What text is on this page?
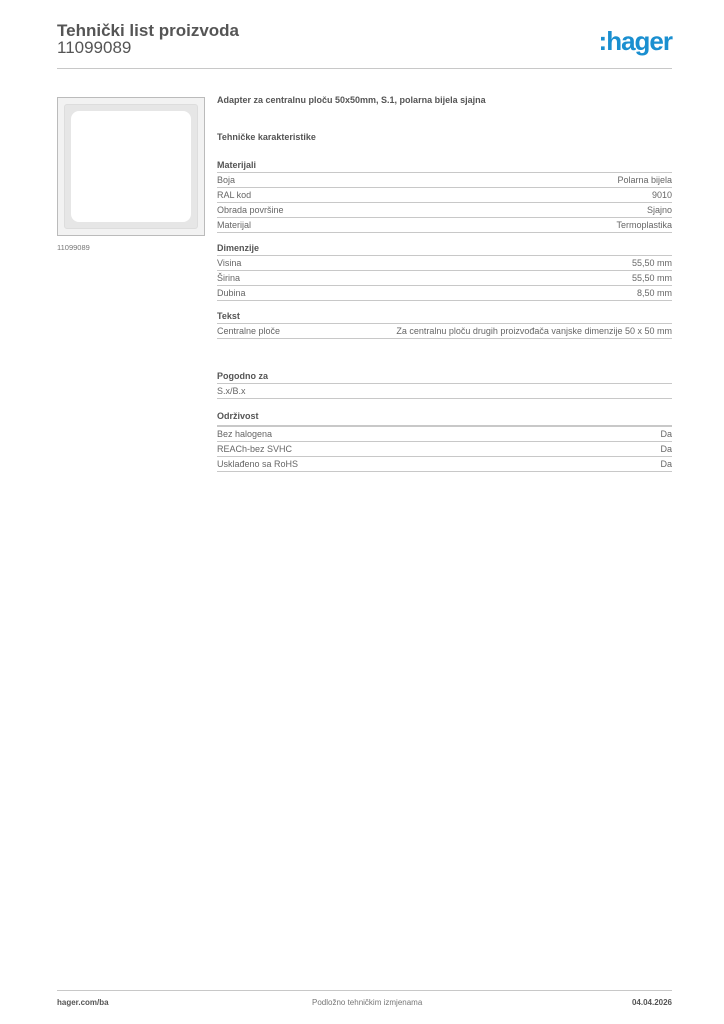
Tehnički list proizvoda
11099089	:hager
11099089
Adapter za centralnu ploču 50x50mm, S.1, polarna bijela sjajna
Tehničke karakteristike
Materijali
Boja	Polarna bijela
RAL kod	9010
Obrada površine	Sjajno
Materijal	Termoplastika
Dimenzije
Visina	55,50 mm
Širina	55,50 mm
Dubina	8,50 mm
Tekst
Centralne ploče	Za centralnu ploču drugih proizvođača vanjske dimenzije 50 x 50 mm
Pogodno za
S.x/B.x
Održivost
Bez halogena	Da
REACh-bez SVHC	Da
Usklađeno sa RoHS	Da
hager.com/ba	Podložno tehničkim izmjenama	04.04.2026
